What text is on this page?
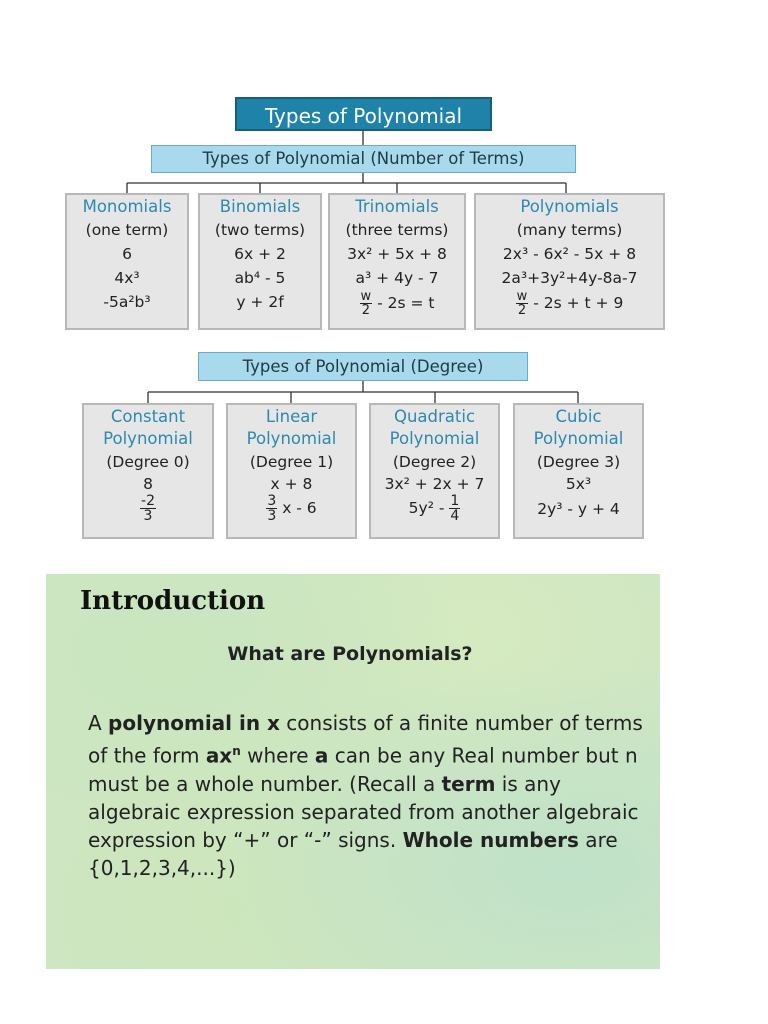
Types of Polynomial
Types of Polynomial (Number of Terms)
Monomials
(one term)
6
4x³
-5a²b³
Binomials
(two terms)
6x + 2
ab⁴ - 5
y + 2f
Trinomials
(three terms)
3x² + 5x + 8
a³ + 4y - 7
$\frac{w}{2} - 2s = t$
Polynomials
(many terms)
2x³ - 6x² - 5x + 8
2a³+3y²+4y-8a-7
$\frac{w}{2} - 2s + t + 9$
Types of Polynomial (Degree)
Constant
Polynomial
(Degree 0)
8
$\frac{-2}{3}$
Linear
Polynomial
(Degree 1)
x + 8
$\frac{3}{3}$ x - 6
Quadratic
Polynomial
(Degree 2)
3x² + 2x + 7
$5y^2 - \frac{1}{4}$
Cubic
Polynomial
(Degree 3)
5x³
2y³ - y + 4
Introduction
What are Polynomials?
A polynomial in x consists of a finite number of terms of the form $ax^n$ where a can be any Real number but n must be a whole number. (Recall a term is any algebraic expression separated from another algebraic expression by “+” or “-” signs. Whole numbers are {0,1,2,3,4,...})
